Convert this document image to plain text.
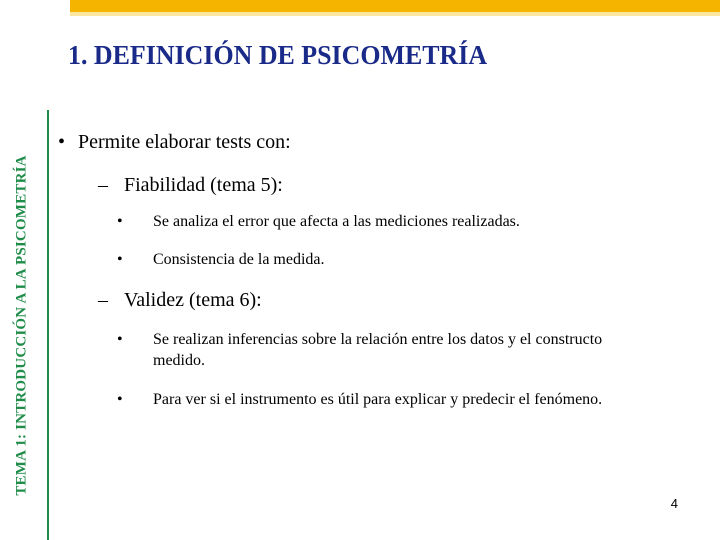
TEMA 1: INTRODUCCIÓN A LA PSICOMETRÍA
1. DEFINICIÓN DE PSICOMETRÍA
• Permite elaborar tests con:
– Fiabilidad (tema 5):
•	Se analiza el error que afecta a las mediciones realizadas.
•	Consistencia de la medida.
– Validez (tema 6):
•	Se realizan inferencias sobre la relación entre los datos y el constructo medido.
•	Para ver si el instrumento es útil para explicar y predecir el fenómeno.
4
